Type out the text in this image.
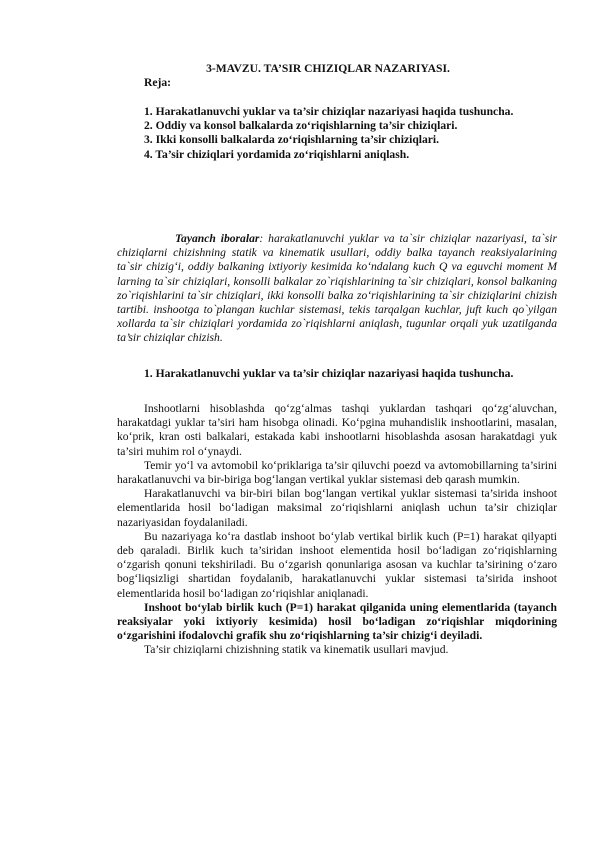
3-MAVZU. TA’SIR CHIZIQLAR NAZARIYASI.
Reja:

1. Harakatlanuvchi yuklar va ta’sir chiziqlar nazariyasi haqida tushuncha.

2. Oddiy va konsol balkalarda zo‘riqishlarning ta’sir chiziqlari.

3. Ikki konsolli balkalarda zo‘riqishlarning ta’sir chiziqlari.

4. Ta’sir chiziqlari yordamida zo‘riqishlarni aniqlash.

Tayanch iboralar: harakatlanuvchi yuklar va ta`sir chiziqlar nazariyasi, ta`sir chiziqlarni chizishning statik va kinematik usullari, oddiy balka tayanch reaksiyalarining ta`sir chizig‘i, oddiy balkaning ixtiyoriy kesimida ko‘ndalang kuch Q va eguvchi moment M larning ta`sir chiziqlari, konsolli balkalar zo`riqishlarining ta`sir chiziqlari, konsol balkaning zo`riqishlarini ta`sir chiziqlari, ikki konsolli balka zo‘riqishlarining ta`sir chiziqlarini chizish tartibi. inshootga to`plangan kuchlar sistemasi, tekis tarqalgan kuchlar, juft kuch qo`yilgan xollarda ta`sir chiziqlari yordamida zo`riqishlarni aniqlash, tugunlar orqali yuk uzatilganda ta’sir chiziqlar chizish.

1. Harakatlanuvchi yuklar va ta’sir chiziqlar nazariyasi haqida tushuncha.

Inshootlarni hisoblashda qo‘zg‘almas tashqi yuklardan tashqari qo‘zg‘aluvchan, harakatdagi yuklar ta’siri ham hisobga olinadi. Ko‘pgina muhandislik inshootlarini, masalan, ko‘prik, kran osti balkalari, estakada kabi inshootlarni hisoblashda asosan harakatdagi yuk ta’siri muhim rol o‘ynaydi.

Temir yo‘l va avtomobil ko‘priklariga ta’sir qiluvchi poezd va avtomobillarning ta’sirini harakatlanuvchi va bir-biriga bog‘langan vertikal yuklar sistemasi deb qarash mumkin.

Harakatlanuvchi va bir-biri bilan bog‘langan vertikal yuklar sistemasi ta’sirida inshoot elementlarida hosil bo‘ladigan maksimal zo‘riqishlarni aniqlash uchun ta’sir chiziqlar nazariyasidan foydalaniladi.

Bu nazariyaga ko‘ra dastlab inshoot bo‘ylab vertikal birlik kuch (P=1) harakat qilyapti deb qaraladi. Birlik kuch ta’siridan inshoot elementida hosil bo‘ladigan zo‘riqishlarning o‘zgarish qonuni tekshiriladi. Bu o‘zgarish qonunlariga asosan va kuchlar ta’sirining o‘zaro bog‘liqsizligi shartidan foydalanib, harakatlanuvchi yuklar sistemasi ta’sirida inshoot elementlarida hosil bo‘ladigan zo‘riqishlar aniqlanadi.

Inshoot bo‘ylab birlik kuch (P=1) harakat qilganida uning elementlarida (tayanch reaksiyalar yoki ixtiyoriy kesimida) hosil bo‘ladigan zo‘riqishlar miqdorining o‘zgarishini ifodalovchi grafik shu zo‘riqishlarning ta’sir chizig‘i deyiladi.

Ta’sir chiziqlarni chizishning statik va kinematik usullari mavjud.
